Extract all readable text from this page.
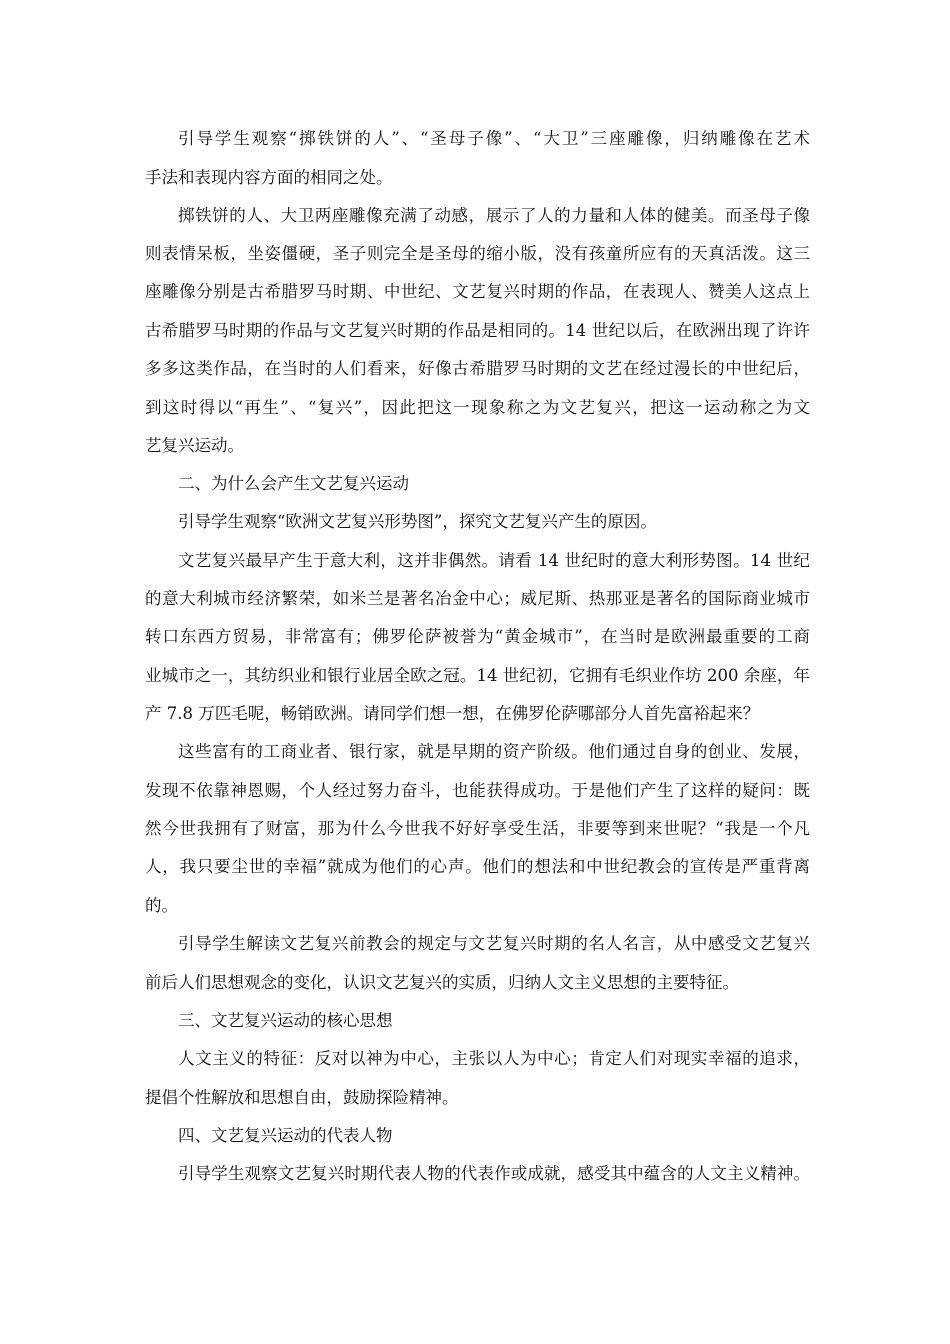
引导学生观察“掷铁饼的人”、“圣母子像”、“大卫”三座雕像，归纳雕像在艺术
手法和表现内容方面的相同之处。
掷铁饼的人、大卫两座雕像充满了动感，展示了人的力量和人体的健美。而圣母子像
则表情呆板，坐姿僵硬，圣子则完全是圣母的缩小版，没有孩童所应有的天真活泼。这三
座雕像分别是古希腊罗马时期、中世纪、文艺复兴时期的作品，在表现人、赞美人这点上
古希腊罗马时期的作品与文艺复兴时期的作品是相同的。14 世纪以后，在欧洲出现了许许
多多这类作品，在当时的人们看来，好像古希腊罗马时期的文艺在经过漫长的中世纪后，
到这时得以“再生”、“复兴”，因此把这一现象称之为文艺复兴，把这一运动称之为文
艺复兴运动。
二、为什么会产生文艺复兴运动
引导学生观察“欧洲文艺复兴形势图”，探究文艺复兴产生的原因。
文艺复兴最早产生于意大利，这并非偶然。请看 14 世纪时的意大利形势图。14 世纪
的意大利城市经济繁荣，如米兰是著名冶金中心；威尼斯、热那亚是著名的国际商业城市
转口东西方贸易，非常富有；佛罗伦萨被誉为“黄金城市”，在当时是欧洲最重要的工商
业城市之一，其纺织业和银行业居全欧之冠。14 世纪初，它拥有毛织业作坊 200 余座，年
产 7.8 万匹毛呢，畅销欧洲。请同学们想一想，在佛罗伦萨哪部分人首先富裕起来？
这些富有的工商业者、银行家，就是早期的资产阶级。他们通过自身的创业、发展，
发现不依靠神恩赐，个人经过努力奋斗，也能获得成功。于是他们产生了这样的疑问：既
然今世我拥有了财富，那为什么今世我不好好享受生活，非要等到来世呢？“我是一个凡
人，我只要尘世的幸福”就成为他们的心声。他们的想法和中世纪教会的宣传是严重背离
的。
引导学生解读文艺复兴前教会的规定与文艺复兴时期的名人名言，从中感受文艺复兴
前后人们思想观念的变化，认识文艺复兴的实质，归纳人文主义思想的主要特征。
三、文艺复兴运动的核心思想
人文主义的特征：反对以神为中心，主张以人为中心；肯定人们对现实幸福的追求，
提倡个性解放和思想自由，鼓励探险精神。
四、文艺复兴运动的代表人物
引导学生观察文艺复兴时期代表人物的代表作或成就，感受其中蕴含的人文主义精神。
